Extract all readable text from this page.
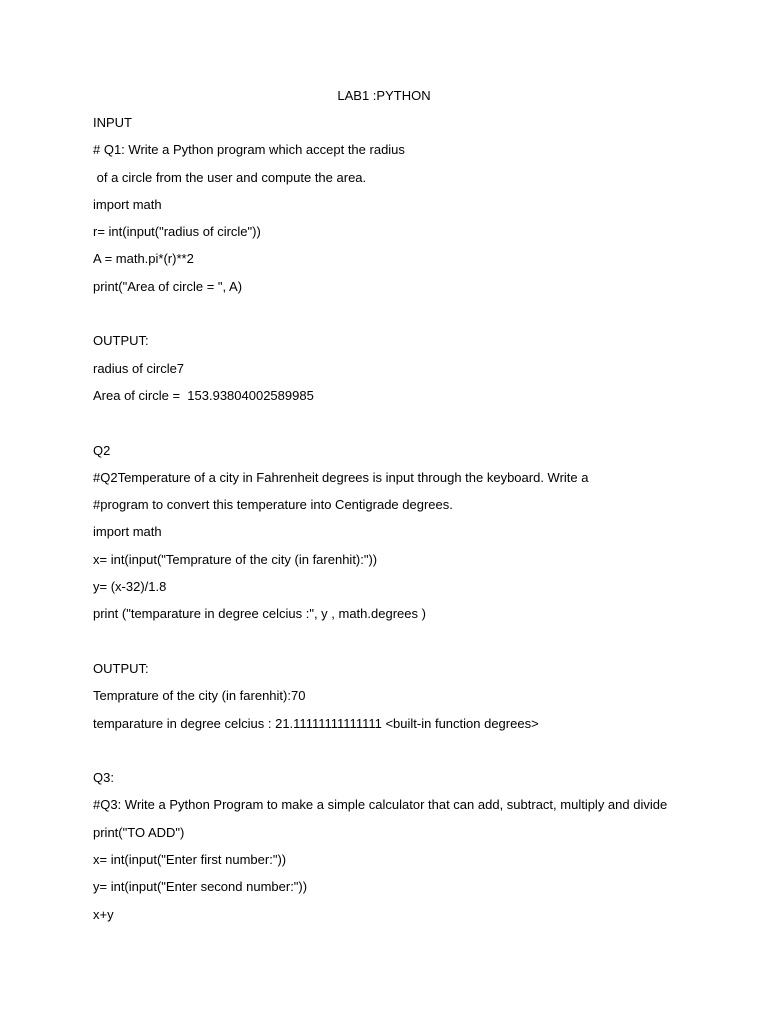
LAB1 :PYTHON
INPUT
# Q1: Write a Python program which accept the radius
of a circle from the user and compute the area.
import math
r= int(input("radius of circle"))
A = math.pi*(r)**2
print("Area of circle = ", A)
OUTPUT:
radius of circle7
Area of circle =  153.93804002589985
Q2
#Q2Temperature of a city in Fahrenheit degrees is input through the keyboard. Write a
#program to convert this temperature into Centigrade degrees.
import math
x= int(input("Temprature of the city (in farenhit):"))
y= (x-32)/1.8
print ("temparature in degree celcius :", y , math.degrees )
OUTPUT:
Temprature of the city (in farenhit):70
temparature in degree celcius : 21.11111111111111 <built-in function degrees>
Q3:
#Q3: Write a Python Program to make a simple calculator that can add, subtract, multiply and divide
print("TO ADD")
x= int(input("Enter first number:"))
y= int(input("Enter second number:"))
x+y
